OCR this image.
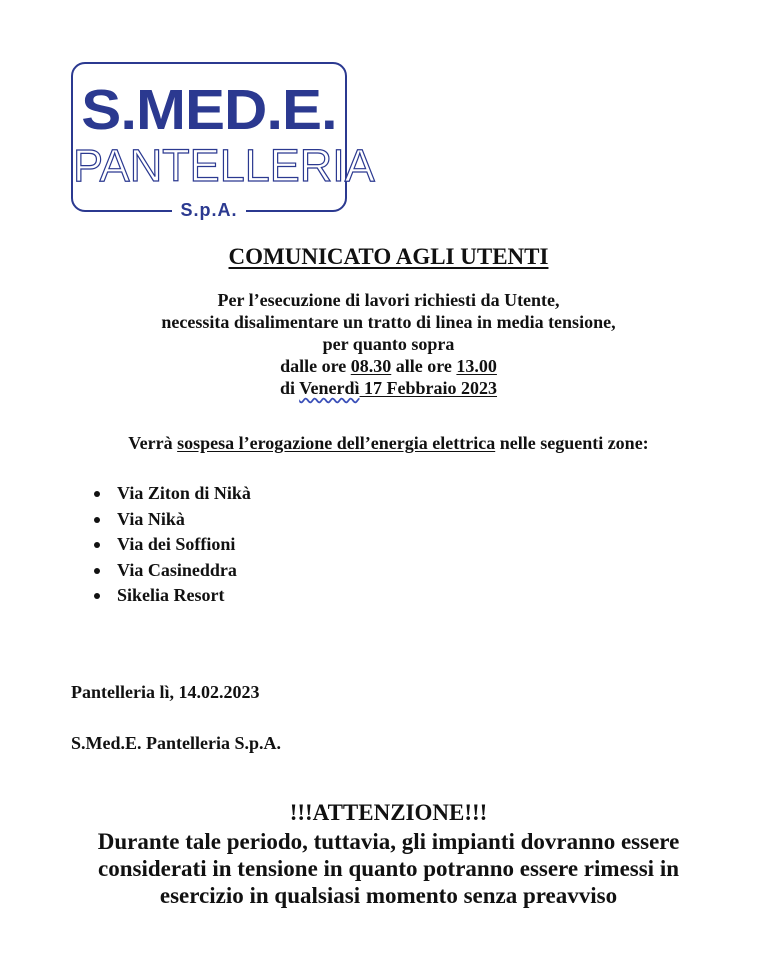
S.MED.E.
PANTELLERIA
S.p.A.
COMUNICATO AGLI UTENTI

Per l’esecuzione di lavori richiesti da Utente,

necessita disalimentare un tratto di linea in media tensione,

per quanto sopra

dalle ore 08.30 alle ore 13.00

di Venerdì 17 Febbraio 2023

Verrà sospesa l’erogazione dell’energia elettrica nelle seguenti zone:
Via Ziton di Nikà
Via Nikà
Via dei Soffioni
Via Casineddra
Sikelia Resort
Pantelleria lì, 14.02.2023
S.Med.E. Pantelleria S.p.A.
!!!ATTENZIONE!!!
Durante tale periodo, tuttavia, gli impianti dovranno essere
considerati in tensione in quanto potranno essere rimessi in
esercizio in qualsiasi momento senza preavviso
